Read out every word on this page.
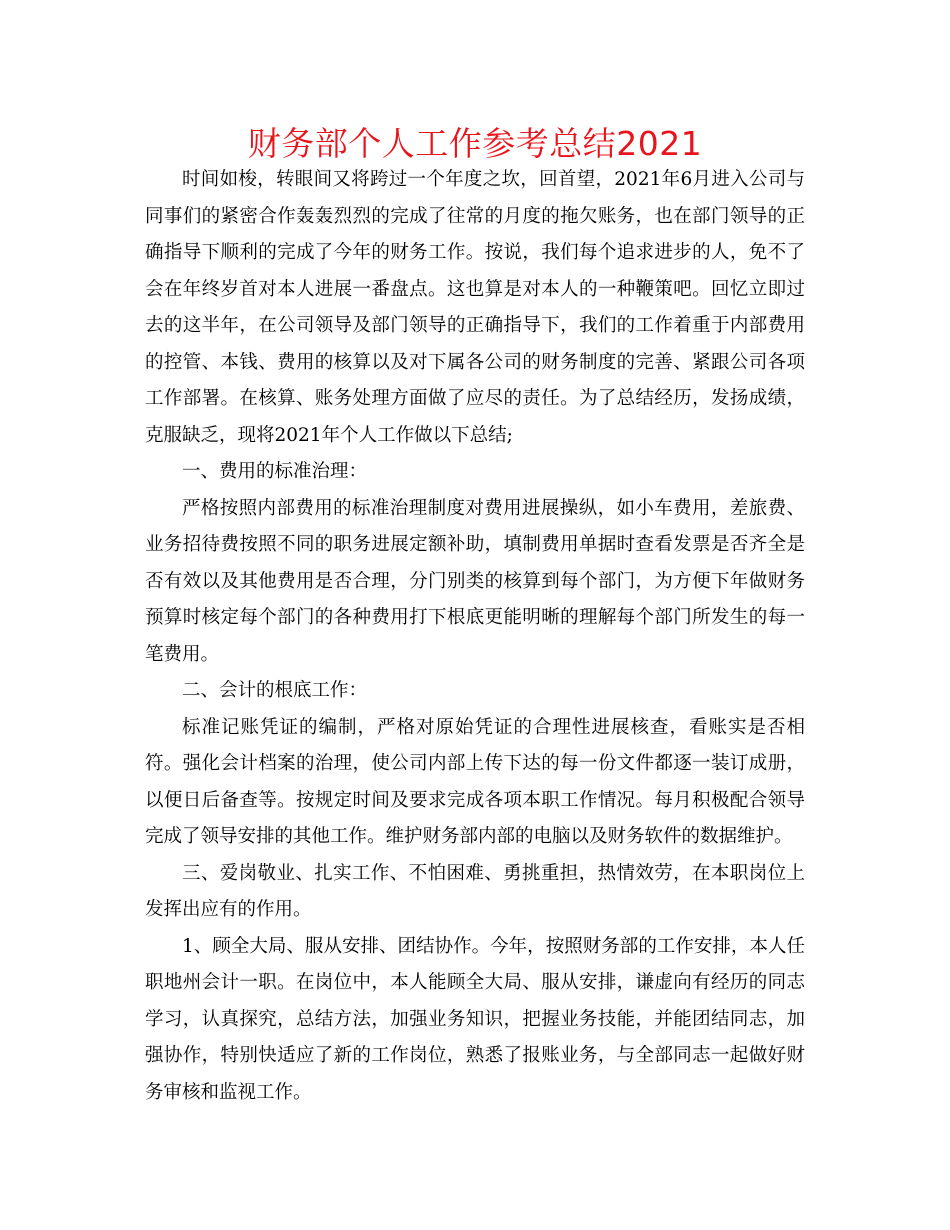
财务部个人工作参考总结2021

时间如梭，转眼间又将跨过一个年度之坎，回首望，2021年6月进入公司与同事们的紧密合作轰轰烈烈的完成了往常的月度的拖欠账务，也在部门领导的正确指导下顺利的完成了今年的财务工作。按说，我们每个追求进步的人，免不了会在年终岁首对本人进展一番盘点。这也算是对本人的一种鞭策吧。回忆立即过去的这半年，在公司领导及部门领导的正确指导下，我们的工作着重于内部费用的控管、本钱、费用的核算以及对下属各公司的财务制度的完善、紧跟公司各项工作部署。在核算、账务处理方面做了应尽的责任。为了总结经历，发扬成绩，克服缺乏，现将2021年个人工作做以下总结;

一、费用的标准治理：

严格按照内部费用的标准治理制度对费用进展操纵，如小车费用，差旅费、业务招待费按照不同的职务进展定额补助，填制费用单据时查看发票是否齐全是否有效以及其他费用是否合理，分门别类的核算到每个部门，为方便下年做财务预算时核定每个部门的各种费用打下根底更能明晰的理解每个部门所发生的每一笔费用。

二、会计的根底工作：

标准记账凭证的编制，严格对原始凭证的合理性进展核查，看账实是否相符。强化会计档案的治理，使公司内部上传下达的每一份文件都逐一装订成册，以便日后备查等。按规定时间及要求完成各项本职工作情况。每月积极配合领导完成了领导安排的其他工作。维护财务部内部的电脑以及财务软件的数据维护。

三、爱岗敬业、扎实工作、不怕困难、勇挑重担，热情效劳，在本职岗位上发挥出应有的作用。

1、顾全大局、服从安排、团结协作。今年，按照财务部的工作安排，本人任职地州会计一职。在岗位中，本人能顾全大局、服从安排，谦虚向有经历的同志学习，认真探究，总结方法，加强业务知识，把握业务技能，并能团结同志，加强协作，特别快适应了新的工作岗位，熟悉了报账业务，与全部同志一起做好财务审核和监视工作。
